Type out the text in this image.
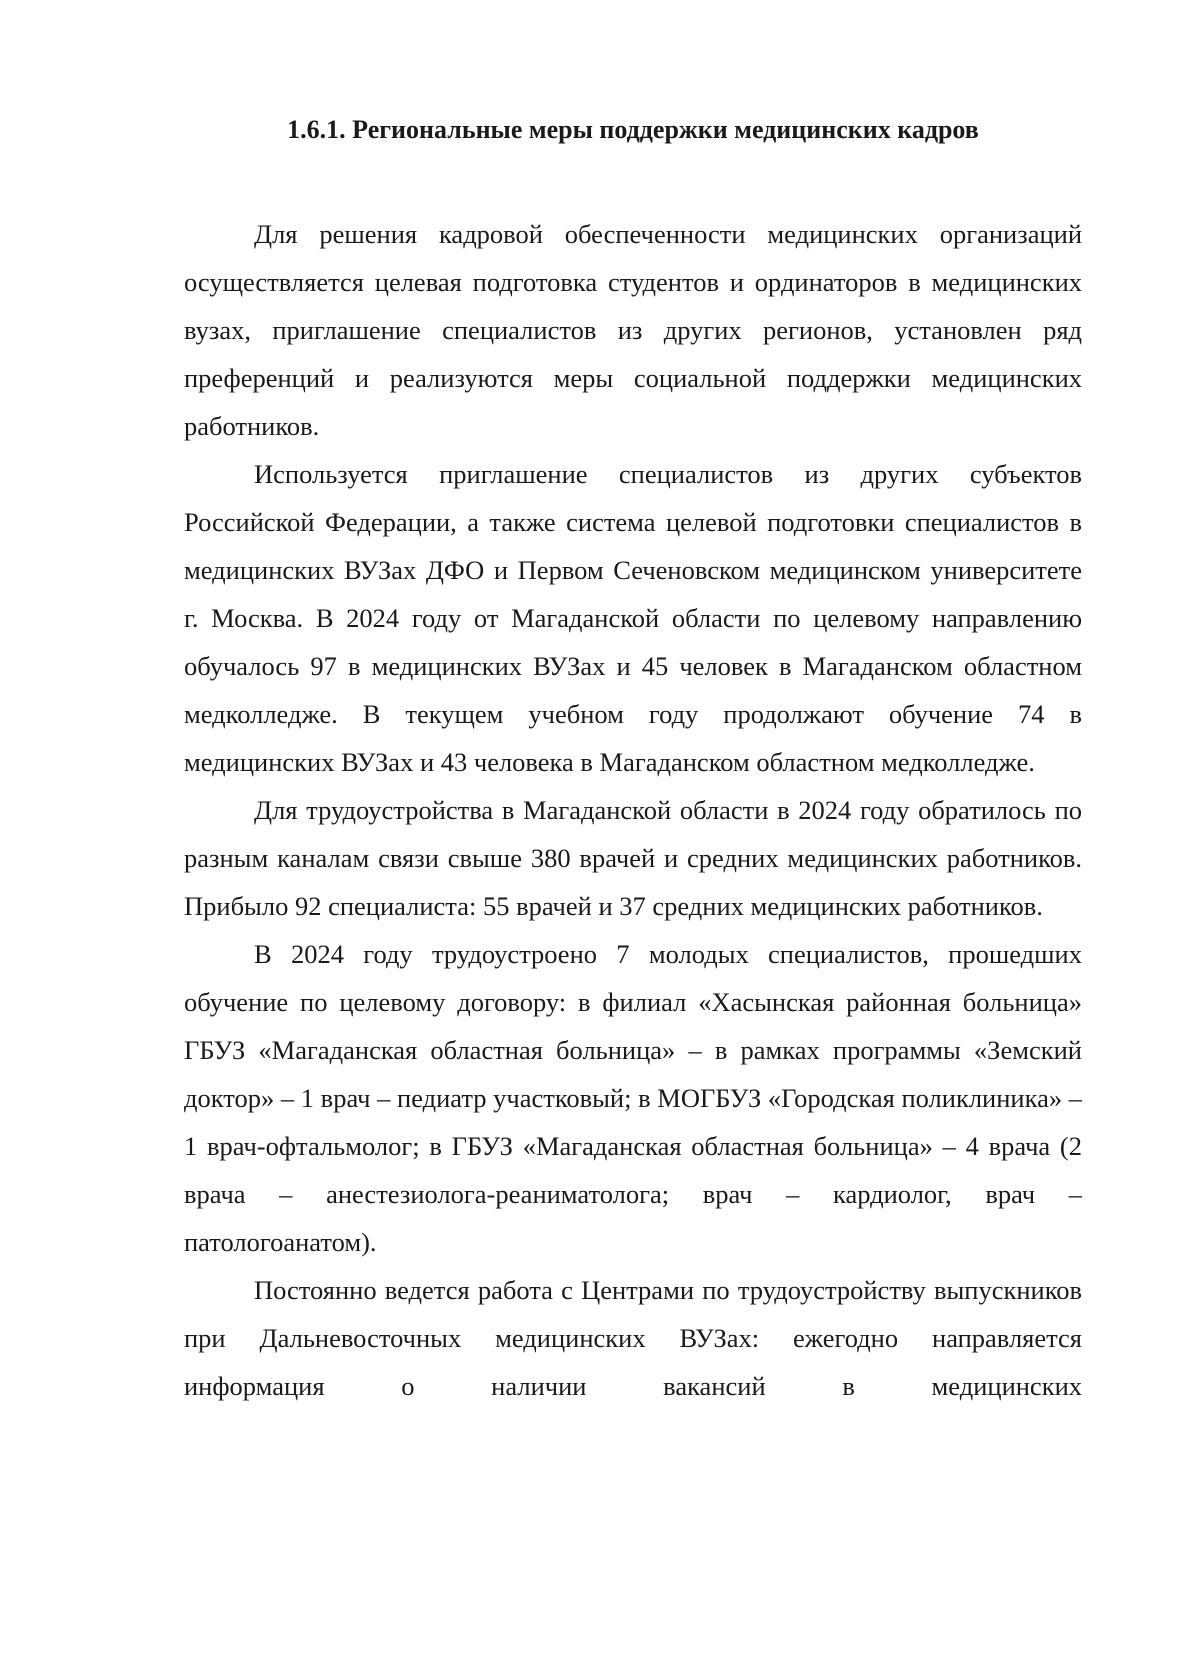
1.6.1. Региональные меры поддержки медицинских кадров

Для решения кадровой обеспеченности медицинских организаций осуществляется целевая подготовка студентов и ординаторов в медицинских вузах, приглашение специалистов из других регионов, установлен ряд преференций и реализуются меры социальной поддержки медицинских работников.

Используется приглашение специалистов из других субъектов Российской Федерации, а также система целевой подготовки специалистов в медицинских ВУЗах ДФО и Первом Сеченовском медицинском университете г. Москва. В 2024 году от Магаданской области по целевому направлению обучалось 97 в медицинских ВУЗах и 45 человек в Магаданском областном медколледже. В текущем учебном году продолжают обучение 74 в медицинских ВУЗах и 43 человека в Магаданском областном медколледже.

Для трудоустройства в Магаданской области в 2024 году обратилось по разным каналам связи свыше 380 врачей и средних медицинских работников. Прибыло 92 специалиста: 55 врачей и 37 средних медицинских работников.

В 2024 году трудоустроено 7 молодых специалистов, прошедших обучение по целевому договору: в филиал «Хасынская районная больница» ГБУЗ «Магаданская областная больница» – в рамках программы «Земский доктор» – 1 врач – педиатр участковый; в МОГБУЗ «Городская поликлиника» – 1 врач-офтальмолог; в ГБУЗ «Магаданская областная больница» – 4 врача (2 врача – анестезиолога-реаниматолога; врач – кардиолог, врач – патологоанатом).

Постоянно ведется работа с Центрами по трудоустройству выпускников при Дальневосточных медицинских ВУЗах: ежегодно направляется информация о наличии вакансий в медицинских
